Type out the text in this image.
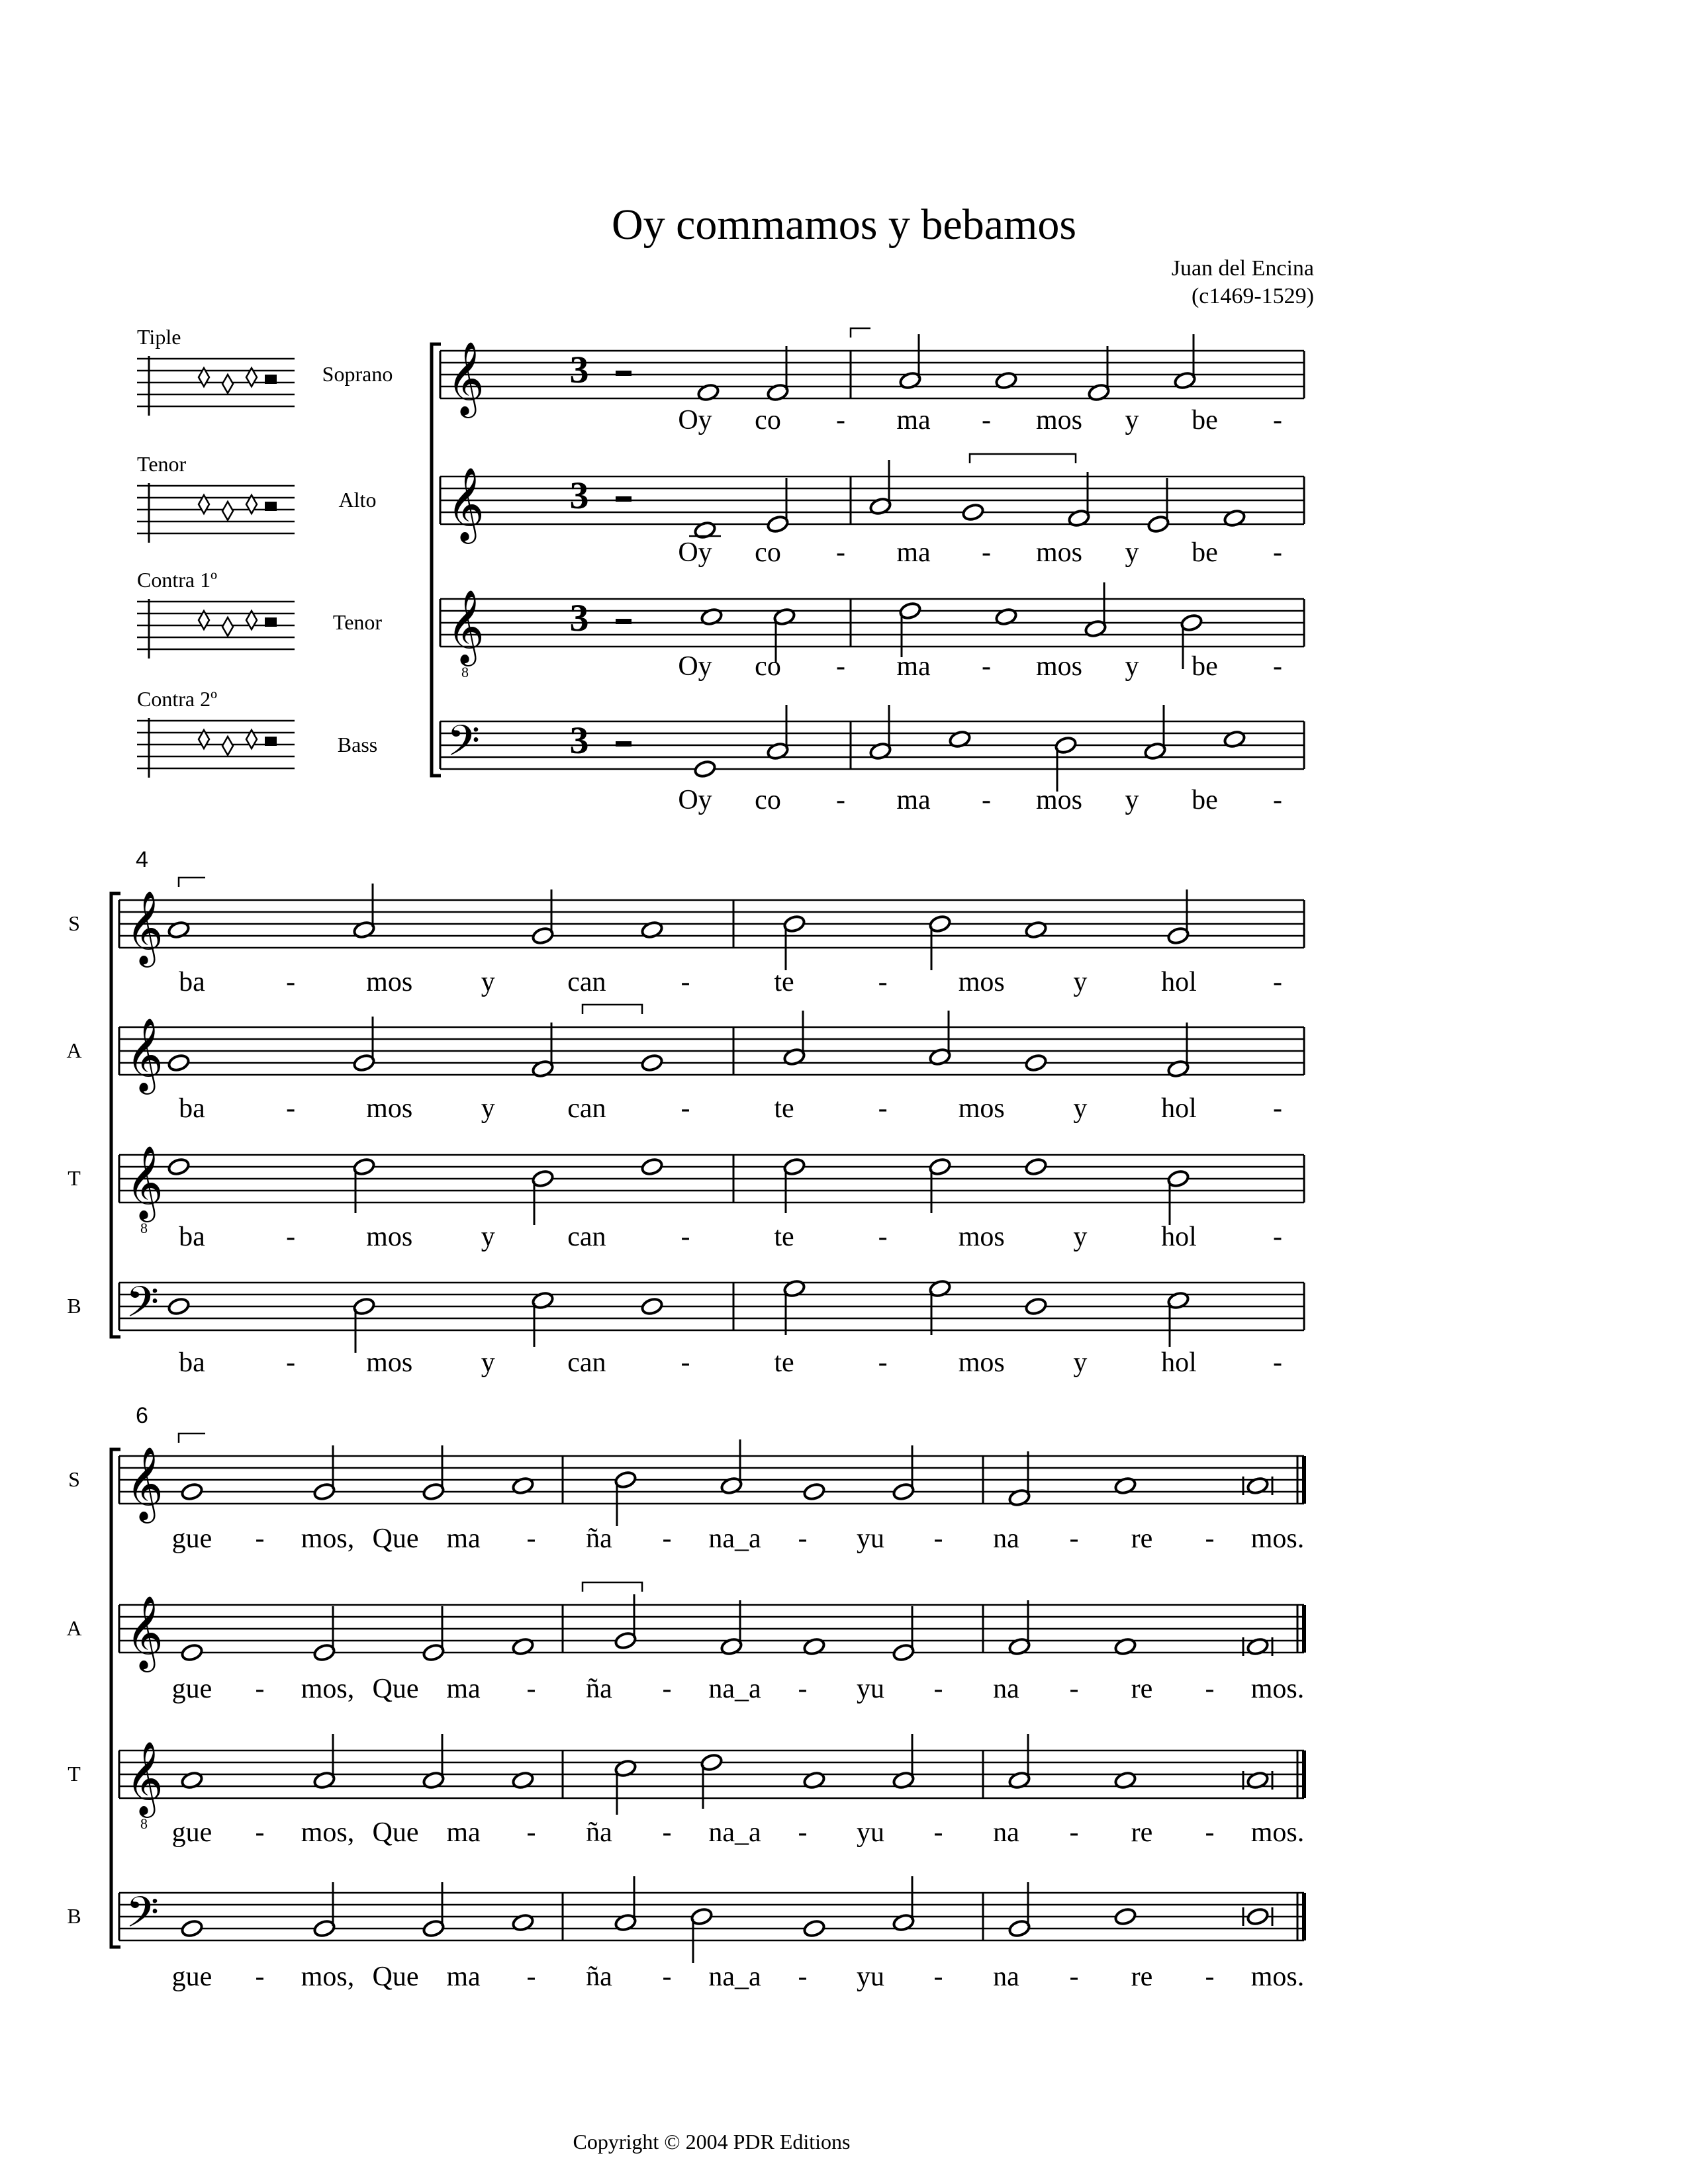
Oy commamos y bebamos
Juan del Encina
(c1469-1529)
Tiple
Tenor
Contra 1º
Contra 2º
Soprano 𝄞 3
Oy co - ma - mos y be -
Alto 𝄞 3
Oy co - ma - mos y be -
Tenor 𝄞
8
3
Oy co - ma - mos y be -
Bass 𝄢 3
Oy co - ma - mos y be -
4
S 𝄞
ba	-	mos y	can	-	te	-	mos y	hol	-
A 𝄞
ba	-	mos y	can	-	te	-	mos y	hol	-
T 𝄞
8 ba	-	mos y	can	-	te	-	mos y	hol	-
B 𝄢
ba	-	mos y	can	-	te	-	mos y	hol	-
6
S 𝄞
gue - mos, Que ma - ña - na_a - yu - na - re - mos.
A 𝄞
gue - mos, Que ma - ña - na_a - yu - na - re - mos.
T 𝄞
8 gue - mos, Que ma - ña - na_a - yu - na - re - mos.
B 𝄢
gue - mos, Que ma - ña - na_a - yu - na - re - mos.
Copyright © 2004 PDR Editions
